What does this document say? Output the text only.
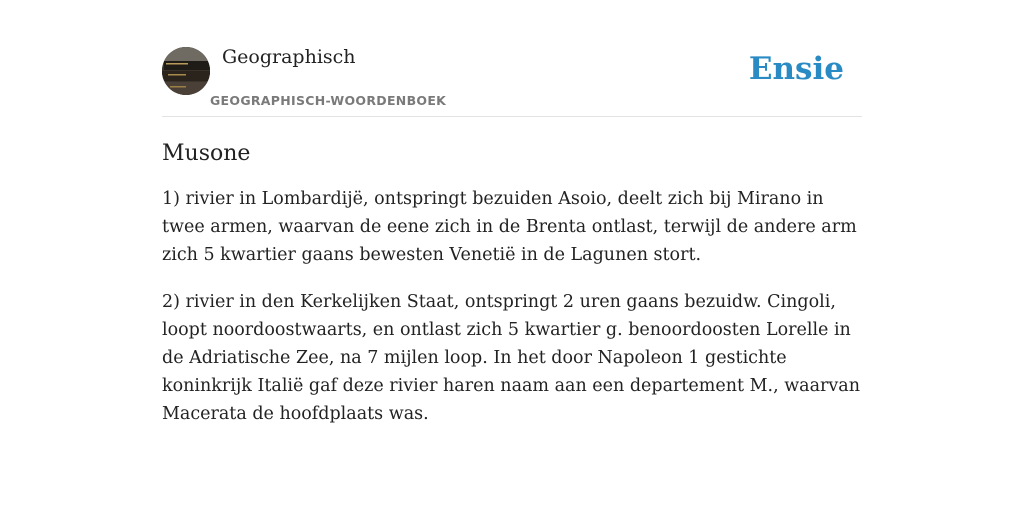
Geographisch
GEOGRAPHISCH-WOORDENBOEK
Ensie
Musone

1) rivier in Lombardijë, ontspringt bezuiden Asoio, deelt zich bij Mirano in twee armen, waarvan de eene zich in de Brenta ontlast, terwijl de andere arm zich 5 kwartier gaans bewesten Venetië in de Lagunen stort.

2) rivier in den Kerkelijken Staat, ontspringt 2 uren gaans bezuidw. Cingoli, loopt noordoostwaarts, en ontlast zich 5 kwartier g. benoordoosten Lorelle in de Adriatische Zee, na 7 mijlen loop. In het door Napoleon 1 gestichte koninkrijk Italië gaf deze rivier haren naam aan een departement M., waarvan Macerata de hoofdplaats was.
